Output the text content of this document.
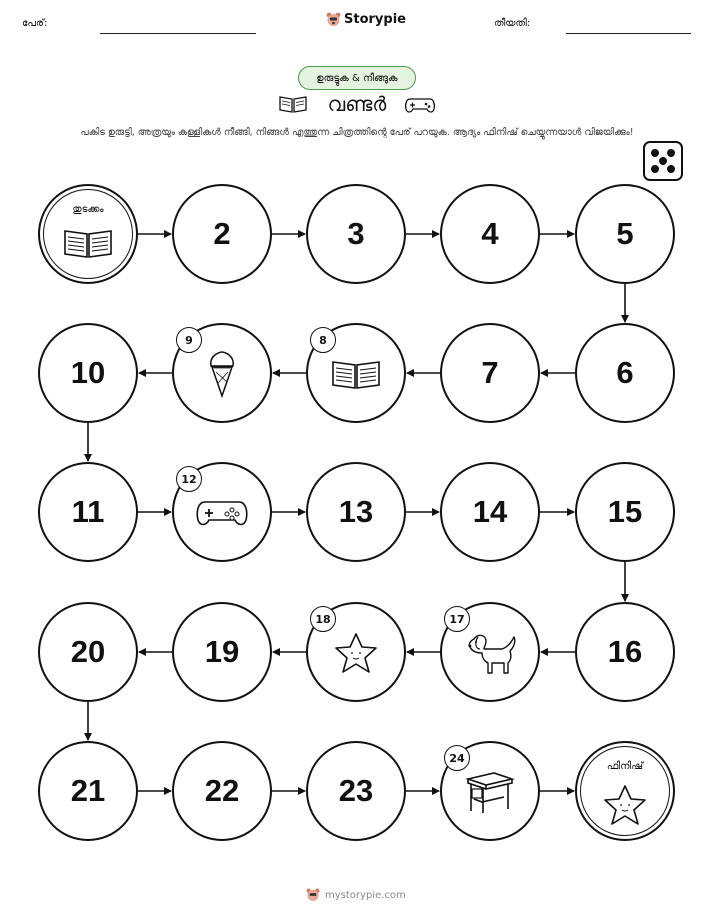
പേര്:	Storypie	തീയതി:
ഉരുട്ടുക & നീങ്ങുക
വണ്ടർ
പകിട ഉരുട്ടി, അത്രയും കള്ളികൾ നീങ്ങി, നിങ്ങൾ എത്തുന്ന ചിത്രത്തിന്റെ പേര് പറയുക. ആദ്യം ഫിനിഷ് ചെയ്യുന്നയാൾ വിജയിക്കും!
തുടക്കം
2	3	4	5
6
7
8
9
10
11
12
13	14	15
16
17
18
19
20
21	22	23
24
ഫിനിഷ്
mystorypie.com
